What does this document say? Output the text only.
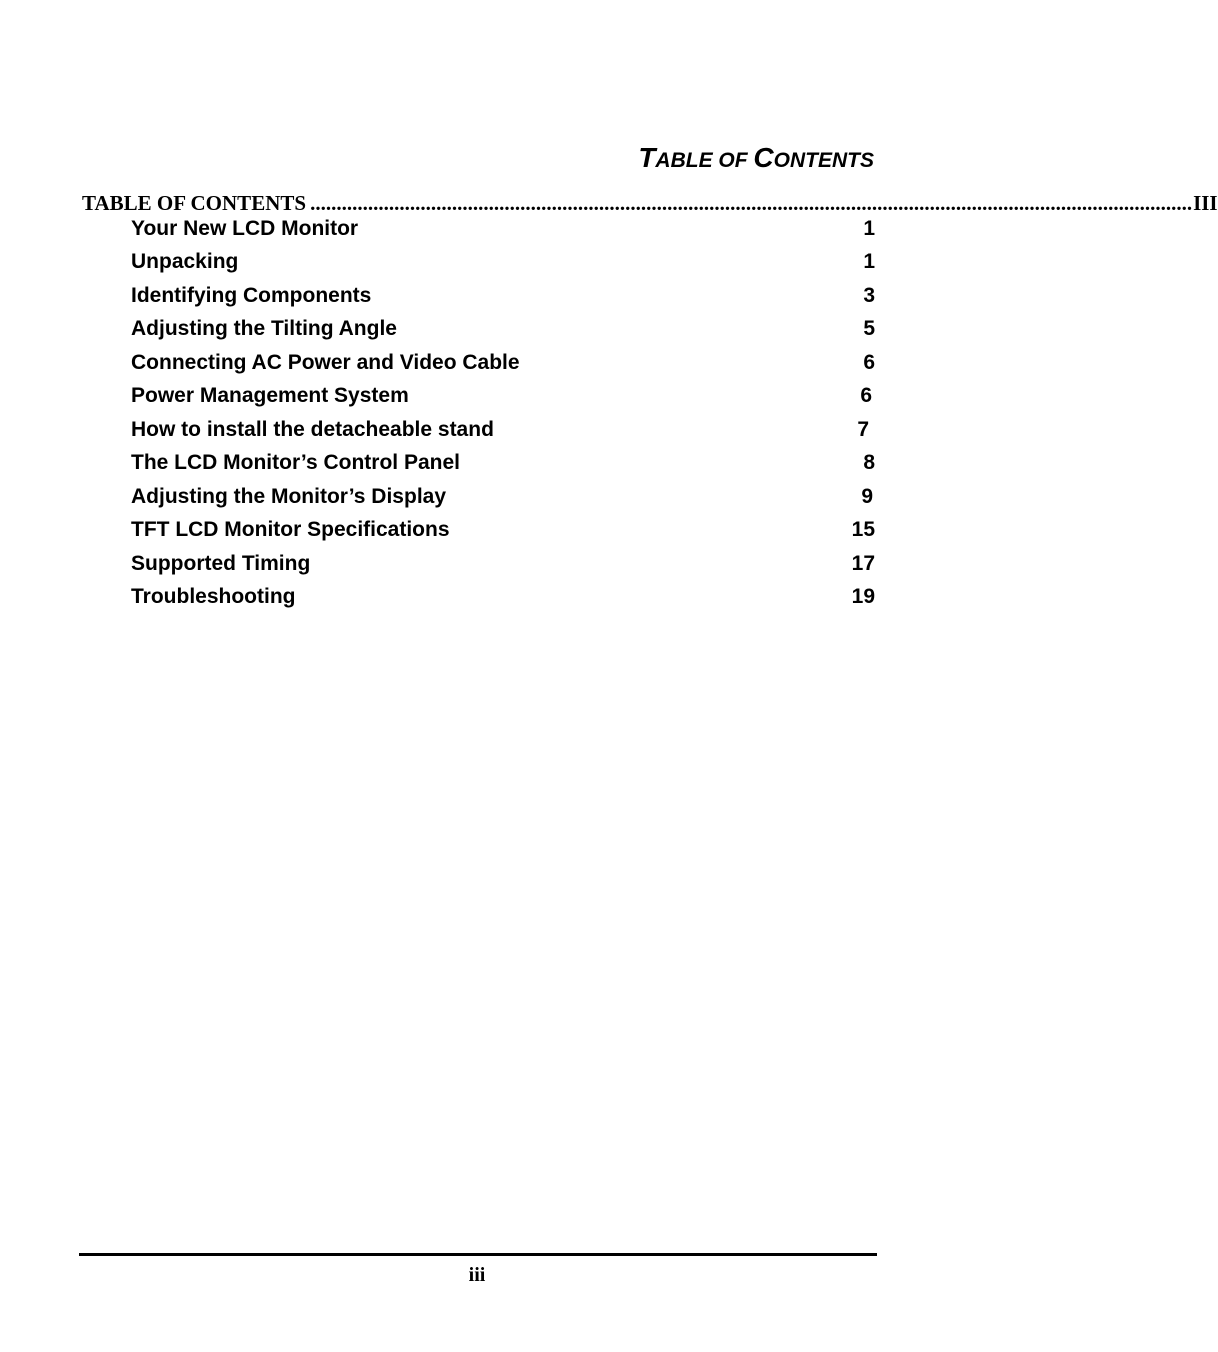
TABLE OF CONTENTS
TABLE OF CONTENTS ........................................................................................................................................................................ III
Your New LCD Monitor	1
Unpacking	1
Identifying Components	3
Adjusting the Tilting Angle	5
Connecting AC Power and Video Cable	6
Power Management System	6
How to install the detacheable stand	7
The LCD Monitor’s Control Panel	8
Adjusting the Monitor’s Display	9
TFT LCD Monitor Specifications	15
Supported Timing	17
Troubleshooting	19
iii
